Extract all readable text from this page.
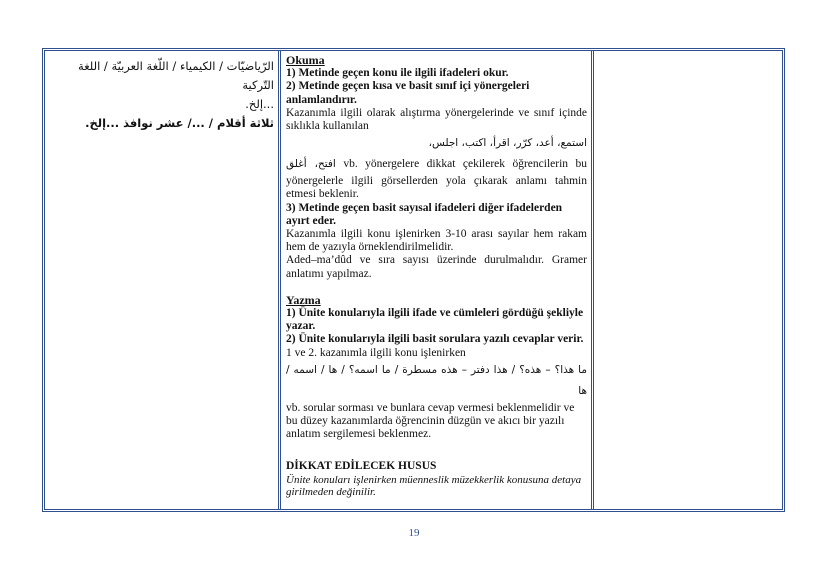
الرّياضيّات / الكيمياء / اللّغة العربيّة / اللغة التّركية
...إلخ.
ثلاثة أقلام / .../ عشر نوافذ ...إلخ.

Okuma

1) Metinde geçen konu ile ilgili ifadeleri okur.

2) Metinde geçen kısa ve basit sınıf içi yönergeleri anlamlandırır.

Kazanımla ilgili olarak alıştırma yönergelerinde ve sınıf içinde sıklıkla kullanılan

استمع، أعد، كرّر، اقرأ، اكتب، اجلس،

افتح، أغلق vb. yönergelere dikkat çekilerek öğrencilerin bu yönergelerle ilgili görsellerden yola çıkarak anlamı tahmin etmesi beklenir.

3) Metinde geçen basit sayısal ifadeleri diğer ifadelerden ayırt eder.

Kazanımla ilgili konu işlenirken 3-10 arası sayılar hem rakam hem de yazıyla örneklendirilmelidir.

Aded–ma’dûd ve sıra sayısı üzerinde durulmalıdır. Gramer anlatımı yapılmaz.

Yazma

1) Ünite konularıyla ilgili ifade ve cümleleri gördüğü şekliyle yazar.

2) Ünite konularıyla ilgili basit sorulara yazılı cevaplar verir.

1 ve 2. kazanımla ilgili konu işlenirken

ما هذا؟ – هذه؟ / هذا دفتر – هذه مسطرة / ما اسمه؟ / ها / اسمه / ها

vb. sorular sorması ve bunlara cevap vermesi beklenmelidir ve bu düzey kazanımlarda öğrencinin düzgün ve akıcı bir yazılı anlatım sergilemesi beklenmez.

DİKKAT EDİLECEK HUSUS

Ünite konuları işlenirken müenneslik müzekkerlik konusuna detaya girilmeden değinilir.

19
